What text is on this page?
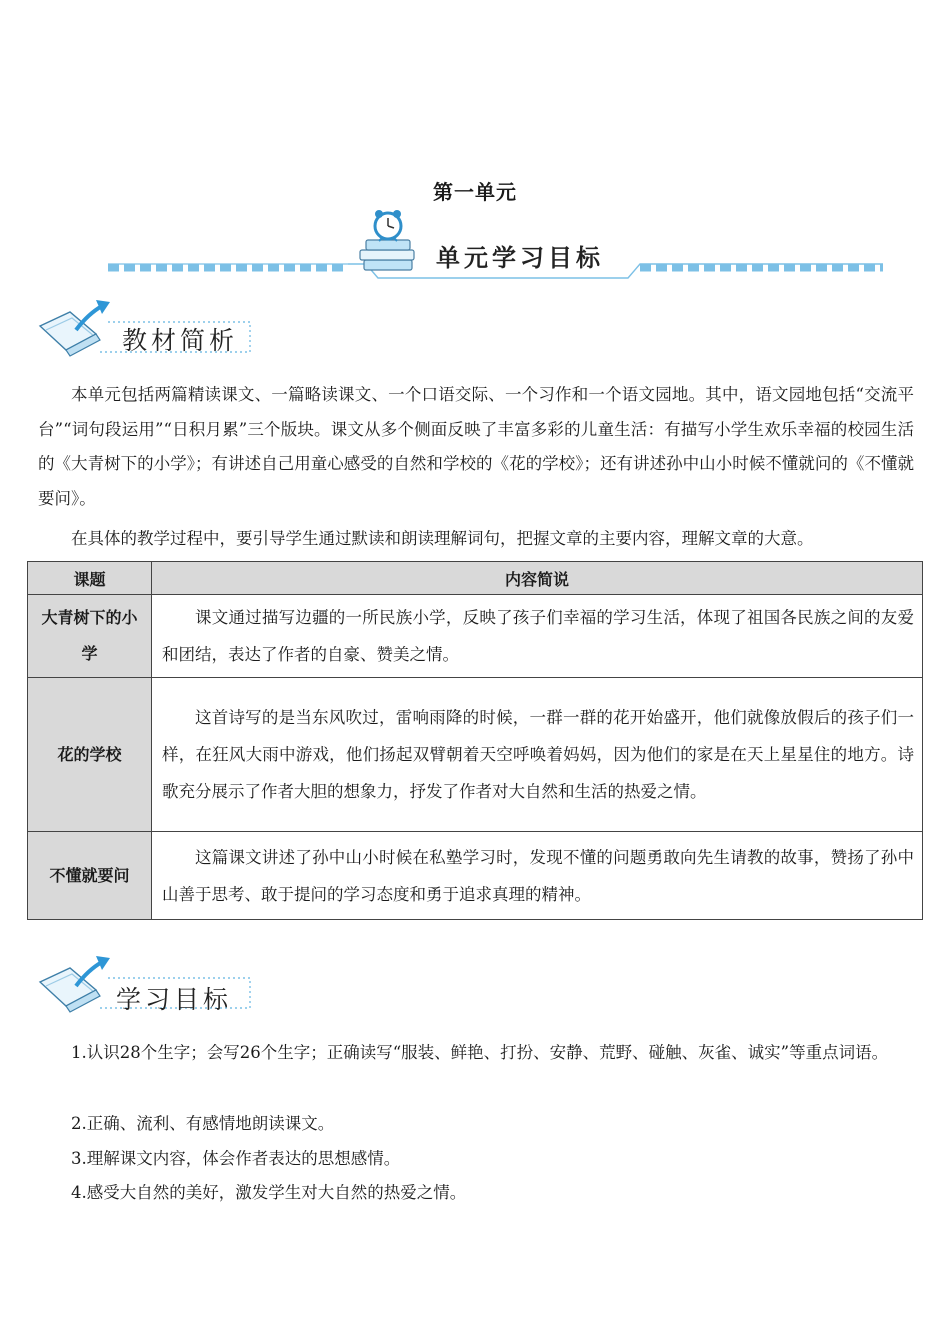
第一单元
单元学习目标
教材简析

本单元包括两篇精读课文、一篇略读课文、一个口语交际、一个习作和一个语文园地。其中，语文园地包括“交流平台”“词句段运用”“日积月累”三个版块。课文从多个侧面反映了丰富多彩的儿童生活：有描写小学生欢乐幸福的校园生活的《大青树下的小学》；有讲述自己用童心感受的自然和学校的《花的学校》；还有讲述孙中山小时候不懂就问的《不懂就要问》。

在具体的教学过程中，要引导学生通过默读和朗读理解词句，把握文章的主要内容，理解文章的大意。

课题	内容简说
大青树下的小学	课文通过描写边疆的一所民族小学，反映了孩子们幸福的学习生活，体现了祖国各民族之间的友爱和团结，表达了作者的自豪、赞美之情。
花的学校	这首诗写的是当东风吹过，雷响雨降的时候，一群一群的花开始盛开，他们就像放假后的孩子们一样，在狂风大雨中游戏，他们扬起双臂朝着天空呼唤着妈妈，因为他们的家是在天上星星住的地方。诗歌充分展示了作者大胆的想象力，抒发了作者对大自然和生活的热爱之情。
不懂就要问	这篇课文讲述了孙中山小时候在私塾学习时，发现不懂的问题勇敢向先生请教的故事，赞扬了孙中山善于思考、敢于提问的学习态度和勇于追求真理的精神。
学习目标

1.认识28个生字；会写26个生字；正确读写“服装、鲜艳、打扮、安静、荒野、碰触、灰雀、诚实”等重点词语。

2.正确、流利、有感情地朗读课文。

3.理解课文内容，体会作者表达的思想感情。

4.感受大自然的美好，激发学生对大自然的热爱之情。
